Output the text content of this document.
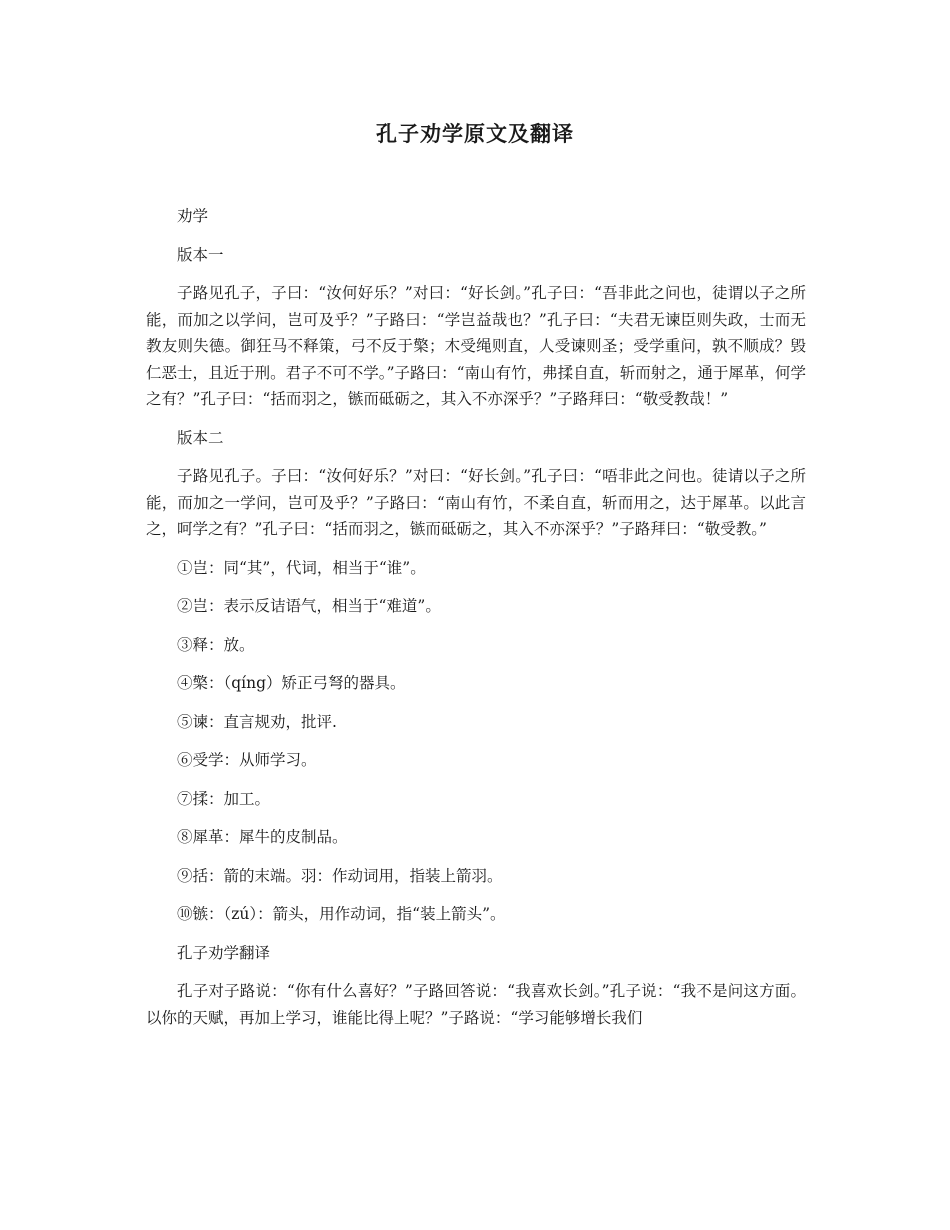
孔子劝学原文及翻译

劝学

版本一

子路见孔子，子曰：“汝何好乐？”对曰：“好长剑。”孔子曰：“吾非此之问也，徒谓以子之所能，而加之以学问，岂可及乎？”子路曰：“学岂益哉也？”孔子曰：“夫君无谏臣则失政，士而无教友则失德。御狂马不释策，弓不反于檠；木受绳则直，人受谏则圣；受学重问，孰不顺成？毁仁恶士，且近于刑。君子不可不学。”子路曰：“南山有竹，弗揉自直，斩而射之，通于犀革，何学之有？”孔子曰：“括而羽之，镞而砥砺之，其入不亦深乎？”子路拜曰：“敬受教哉！”

版本二

子路见孔子。子曰：“汝何好乐？”对曰：“好长剑。”孔子曰：“唔非此之问也。徒请以子之所能，而加之一学问，岂可及乎？”子路曰：“南山有竹，不柔自直，斩而用之，达于犀革。以此言之，呵学之有？”孔子曰：“括而羽之，镞而砥砺之，其入不亦深乎？”子路拜曰：“敬受教。”

①岂：同“其”，代词，相当于“谁”。

②岂：表示反诘语气，相当于“难道”。

③释：放。

④檠：（qíng）矫正弓弩的器具。

⑤谏：直言规劝，批评.

⑥受学：从师学习。

⑦揉：加工。

⑧犀革：犀牛的皮制品。

⑨括：箭的末端。羽：作动词用，指装上箭羽。

⑩镞：（zú）：箭头，用作动词，指“装上箭头”。

孔子劝学翻译

孔子对子路说：“你有什么喜好？”子路回答说：“我喜欢长剑。”孔子说：“我不是问这方面。以你的天赋，再加上学习，谁能比得上呢？”子路说：“学习能够增长我们
